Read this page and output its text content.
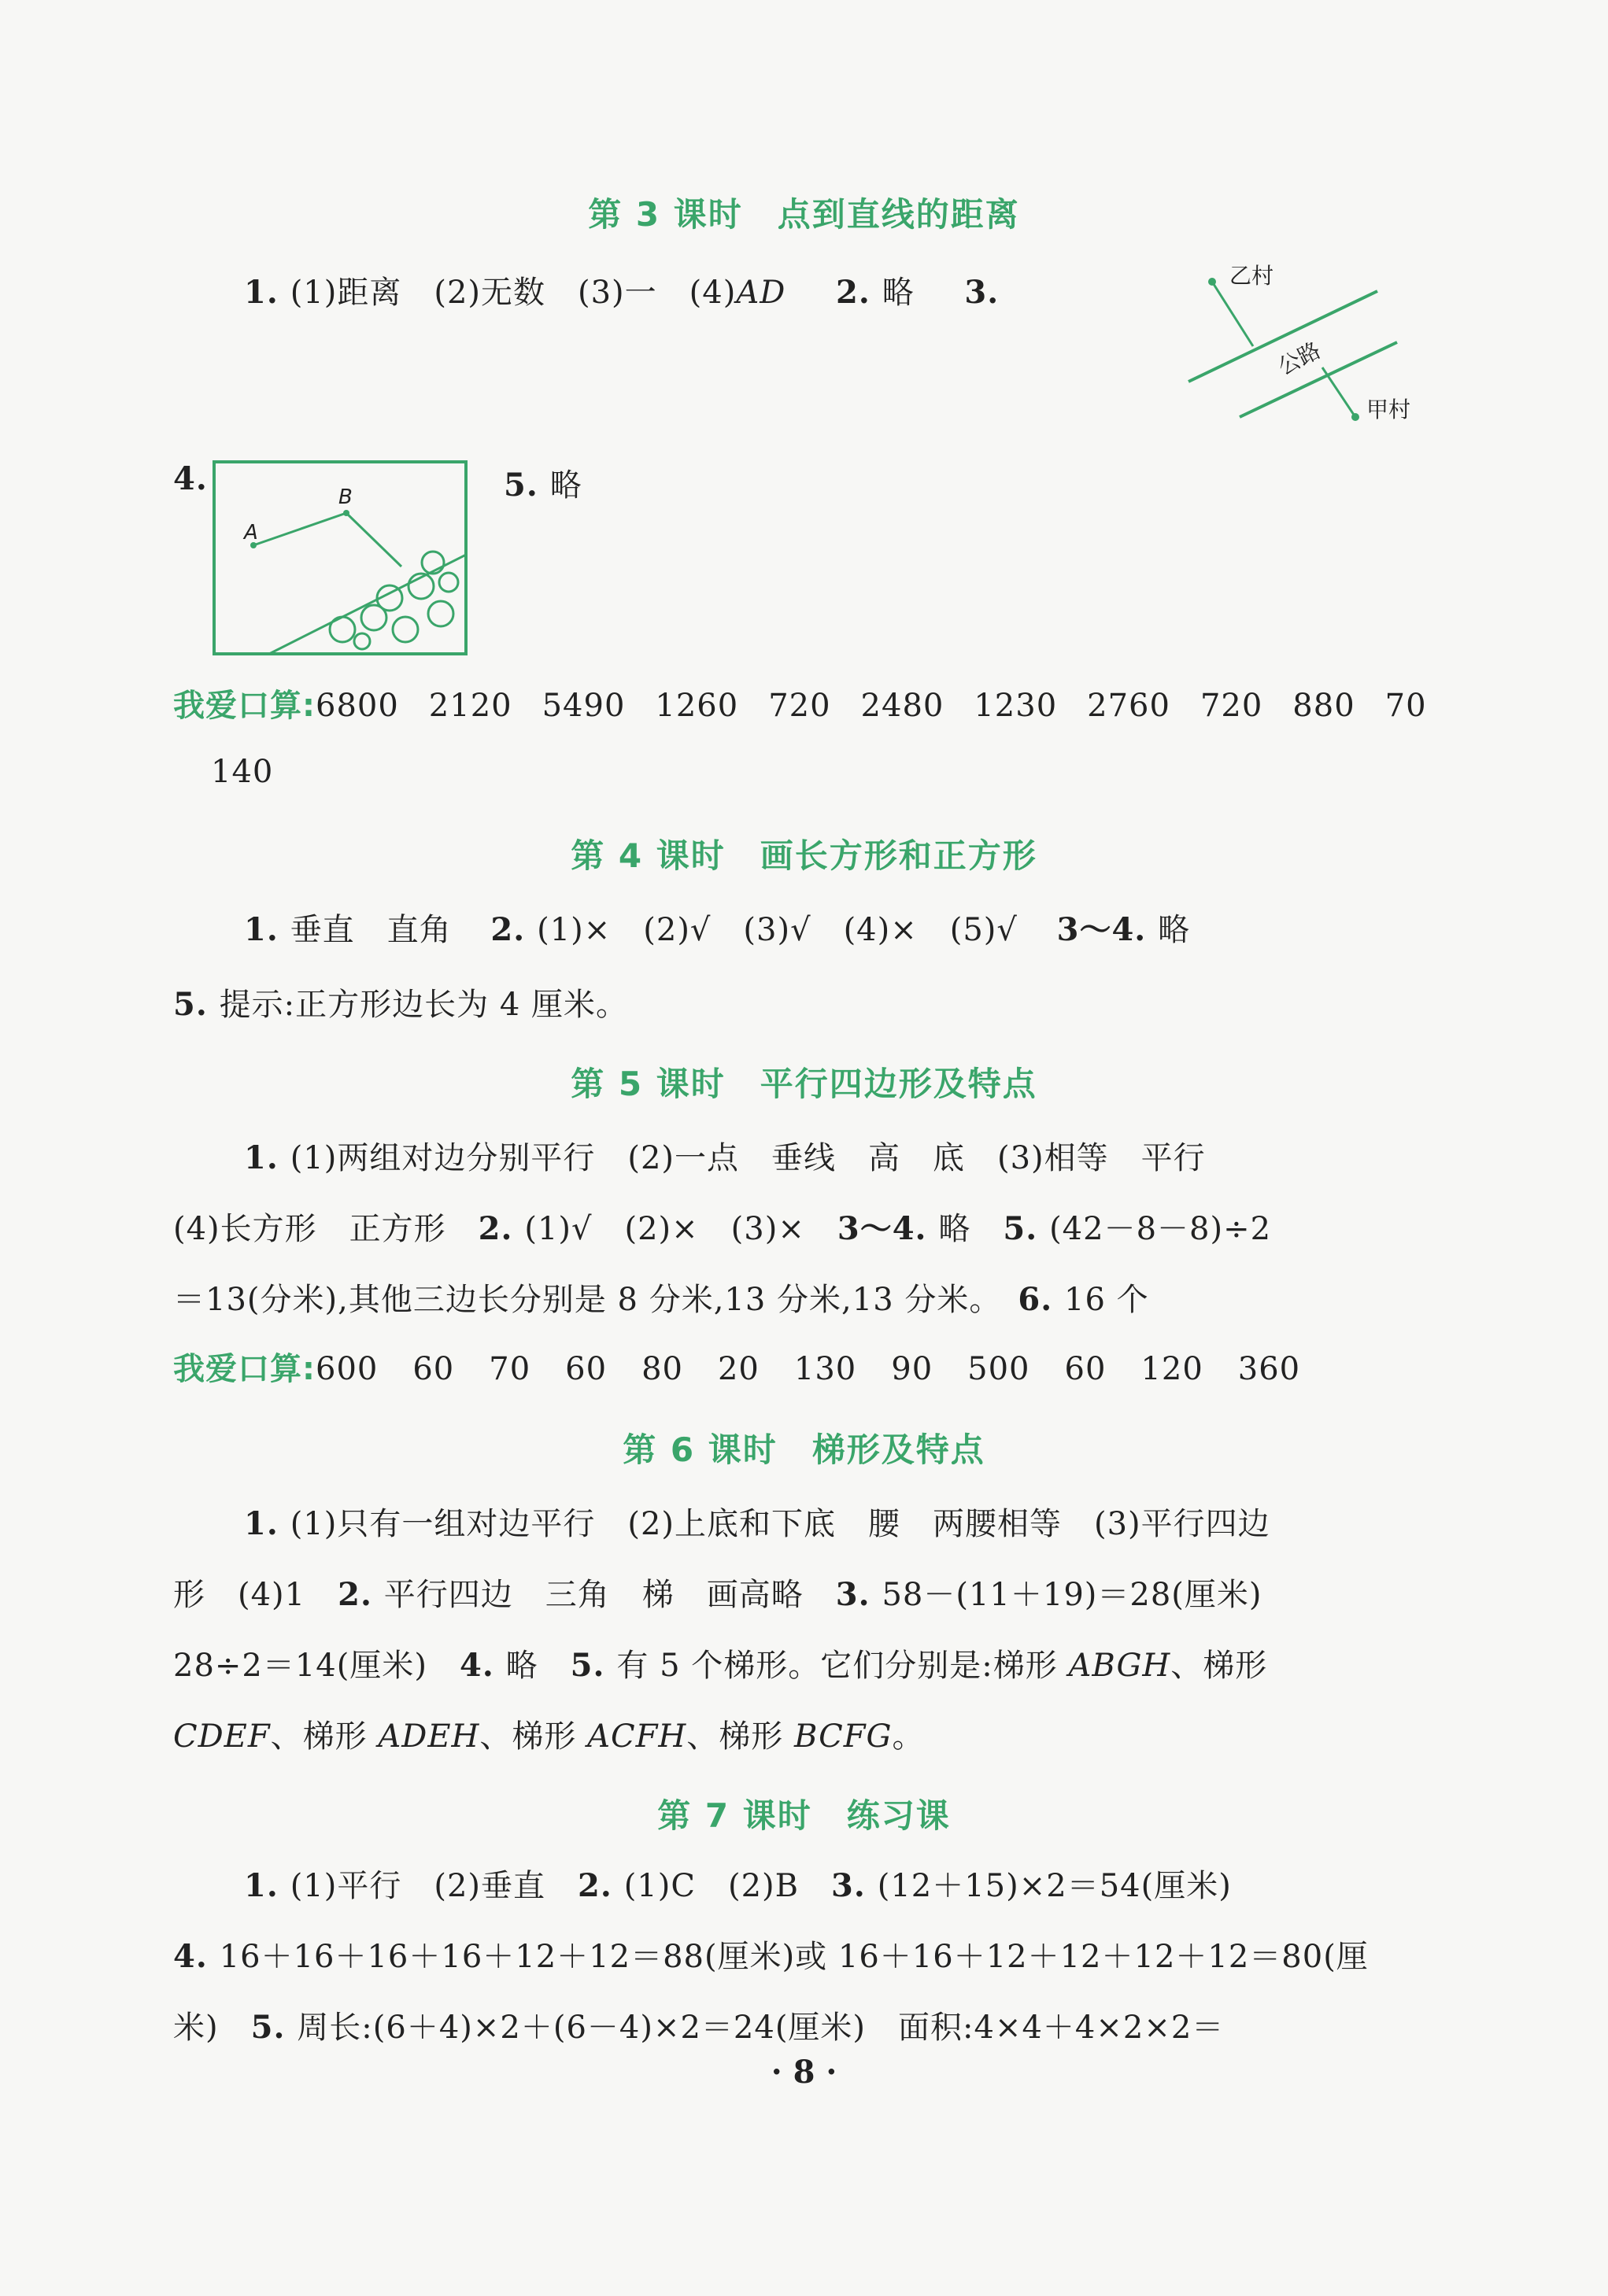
第 3 课时　点到直线的距离
1. (1)距离　(2)无数　(3)一　(4)AD 2. 略 3.	乙村
甲村
公路
4.
A
B	5. 略
我爱口算:6800 2120 5490 1260 720 2480 1230 2760 720 880 70
140
第 4 课时　画长方形和正方形
1. 垂直　直角 2. (1)×　(2)√　(3)√　(4)×　(5)√ 3～4. 略
5. 提示:正方形边长为 4 厘米。
第 5 课时　平行四边形及特点
1. (1)两组对边分别平行　(2)一点　垂线　高　底　(3)相等　平行
(4)长方形　正方形　2. (1)√　(2)×　(3)×　3～4. 略　5. (42－8－8)÷2
＝13(分米),其他三边长分别是 8 分米,13 分米,13 分米。　6. 16 个
我爱口算:600 60 70 60 80 20 130 90 500 60 120 360
第 6 课时　梯形及特点
1. (1)只有一组对边平行　(2)上底和下底　腰　两腰相等　(3)平行四边
形　(4)1　2. 平行四边　三角　梯　画高略　3. 58－(11＋19)＝28(厘米)
28÷2＝14(厘米)　4. 略　5. 有 5 个梯形。它们分别是:梯形 ABGH、梯形
CDEF、梯形 ADEH、梯形 ACFH、梯形 BCFG。
第 7 课时　练习课
1. (1)平行　(2)垂直　2. (1)C　(2)B　3. (12＋15)×2＝54(厘米)
4. 16＋16＋16＋16＋12＋12＝88(厘米)或 16＋16＋12＋12＋12＋12＝80(厘
米)　5. 周长:(6＋4)×2＋(6－4)×2＝24(厘米)　面积:4×4＋4×2×2＝
· 8 ·
